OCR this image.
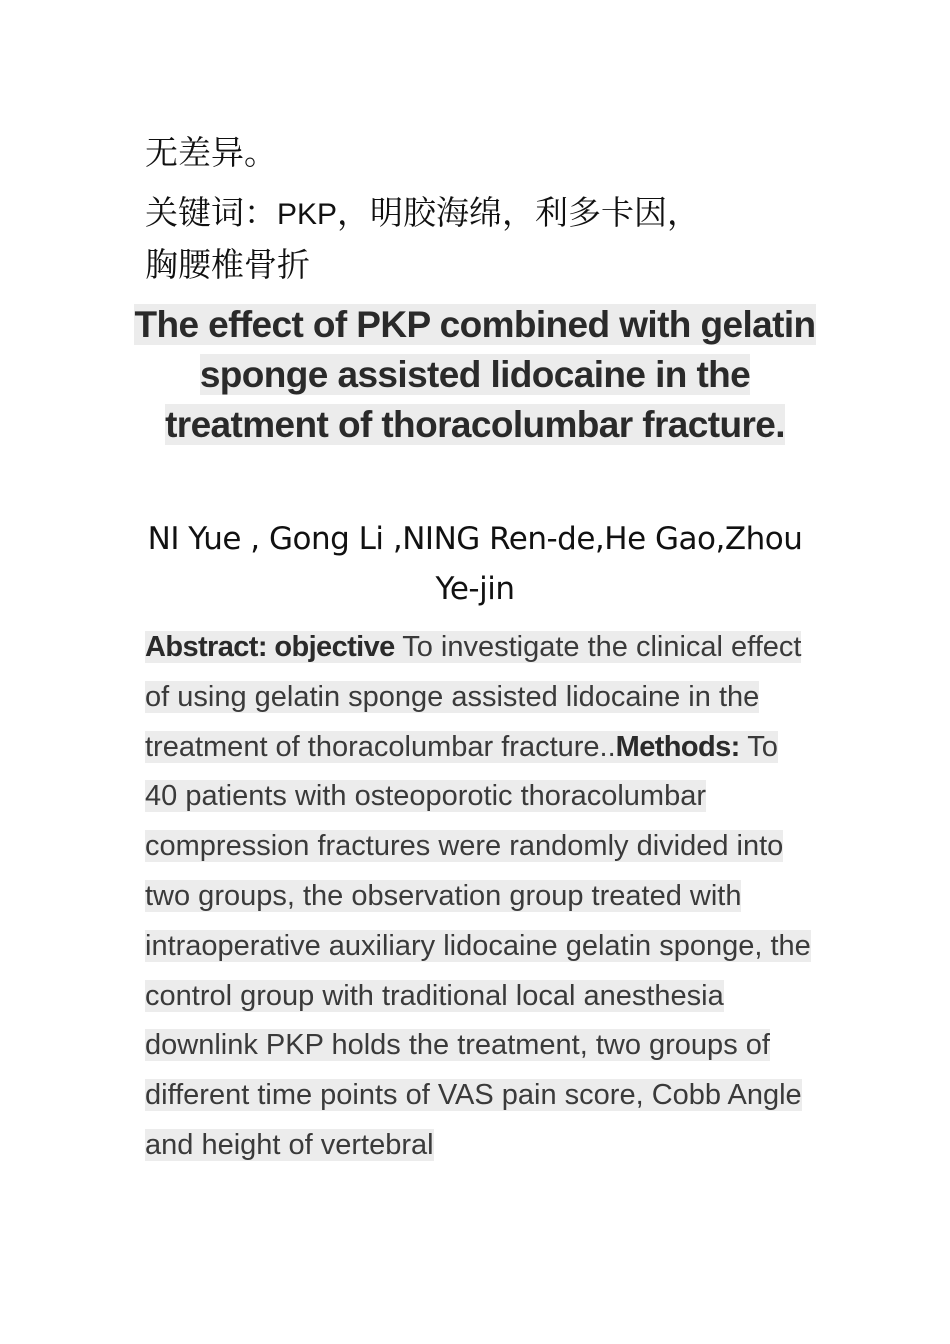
无差异。
关键词：PKP，明胶海绵，利多卡因，
胸腰椎骨折
The effect of PKP combined with gelatin sponge assisted lidocaine in the treatment of thoracolumbar fracture.

NI Yue , Gong Li ,NING Ren-de,He Gao,Zhou Ye-jin

Abstract: objective To investigate the clinical effect of using gelatin sponge assisted lidocaine in the treatment of thoracolumbar fracture..Methods: To 40 patients with osteoporotic thoracolumbar compression fractures were randomly divided into two groups, the observation group treated with intraoperative auxiliary lidocaine gelatin sponge, the control group with traditional local anesthesia downlink PKP holds the treatment, two groups of different time points of VAS pain score, Cobb Angle and height of vertebral
